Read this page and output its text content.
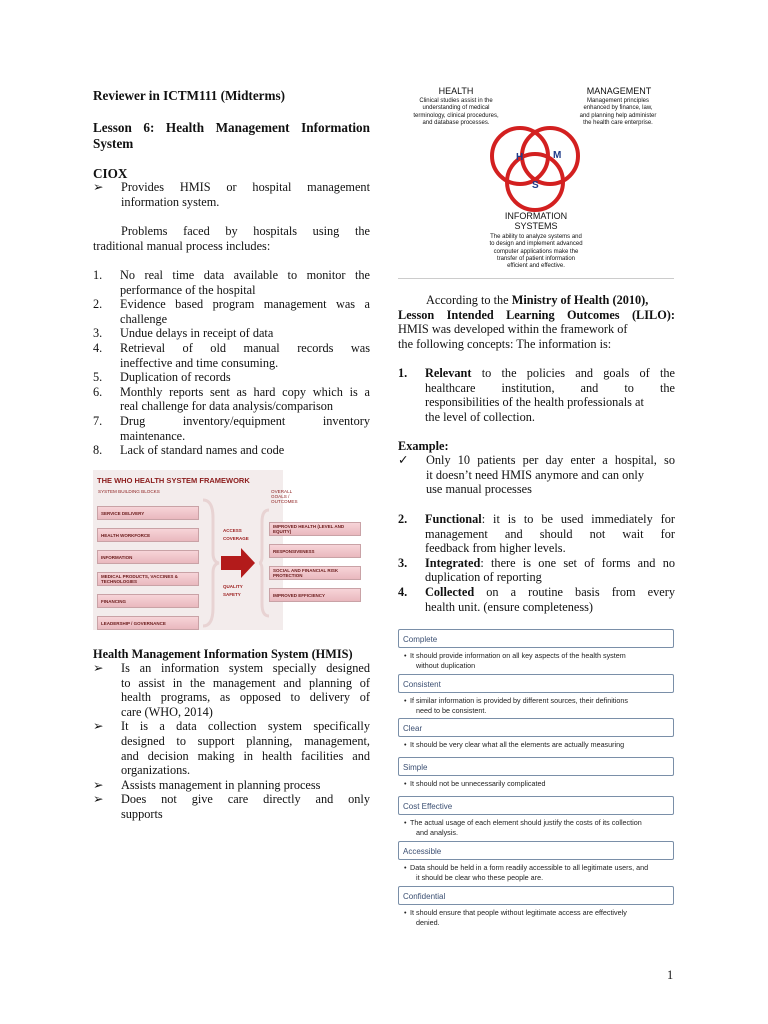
Reviewer in ICTM111 (Midterms)
Lesson 6: Health Management Information
System
CIOX
➢	Provides HMIS or hospital management
information system.
Problems faced by hospitals using the
traditional manual process includes:
1.	No real time data available to monitor the
performance of the hospital
2.	Evidence based program management was a
challenge
3.	Undue delays in receipt of data
4.	Retrieval of old manual records was
ineffective and time consuming.
5.	Duplication of records
6.	Monthly reports sent as hard copy which is a
real challenge for data analysis/comparison
7.	Drug inventory/equipment inventory
maintenance.
8.	Lack of standard names and code
THE WHO HEALTH SYSTEM FRAMEWORK
SYSTEM BUILDING BLOCKS	OVERALL GOALS / OUTCOMES
SERVICE DELIVERY
HEALTH WORKFORCE
INFORMATION
MEDICAL PRODUCTS, VACCINES & TECHNOLOGIES
FINANCING
LEADERSHIP / GOVERNANCE
ACCESS
COVERAGE
QUALITY
SAFETY
IMPROVED HEALTH (LEVEL AND EQUITY)
RESPONSIVENESS
SOCIAL AND FINANCIAL RISK PROTECTION
IMPROVED EFFICIENCY
Health Management Information System (HMIS)
➢	Is an information system specially designed
to assist in the management and planning of
health programs, as opposed to delivery of
care (WHO, 2014)
➢	It is a data collection system specifically
designed to support planning, management,
and decision making in health facilities and
organizations.
➢	Assists management in planning process
➢	Does not give care directly and only
supports
HEALTH
Clinical studies assist in the
understanding of medical
terminology, clinical procedures,
and database processes.
MANAGEMENT
Management principles
enhanced by finance, law,
and planning help administer
the health care enterprise.
H	M
S
INFORMATION
SYSTEMS
The ability to analyze systems and
to design and implement advanced
computer applications make the
transfer of patient information
efficient and effective.
According to the Ministry of Health (2010),
Lesson Intended Learning Outcomes (LILO):
HMIS was developed within the framework of
the following concepts: The information is:
1.	Relevant to the policies and goals of the
healthcare institution, and to the
responsibilities of the health professionals at
the level of collection.
Example:
✓	Only 10 patients per day enter a hospital, so
it doesn’t need HMIS anymore and can only
use manual processes
2.	Functional: it is to be used immediately for
management and should not wait for
feedback from higher levels.
3.	Integrated: there is one set of forms and no
duplication of reporting
4.	Collected on a routine basis from every
health unit. (ensure completeness)
Complete
• It should provide information on all key aspects of the health system
without duplication
Consistent
• If similar information is provided by different sources, their definitions
need to be consistent.
Clear
• It should be very clear what all the elements are actually measuring
Simple
• It should not be unnecessarily complicated
Cost Effective
• The actual usage of each element should justify the costs of its collection
and analysis.
Accessible
• Data should be held in a form readily accessible to all legitimate users, and
it should be clear who these people are.
Confidential
• It should ensure that people without legitimate access are effectively
denied.
1
